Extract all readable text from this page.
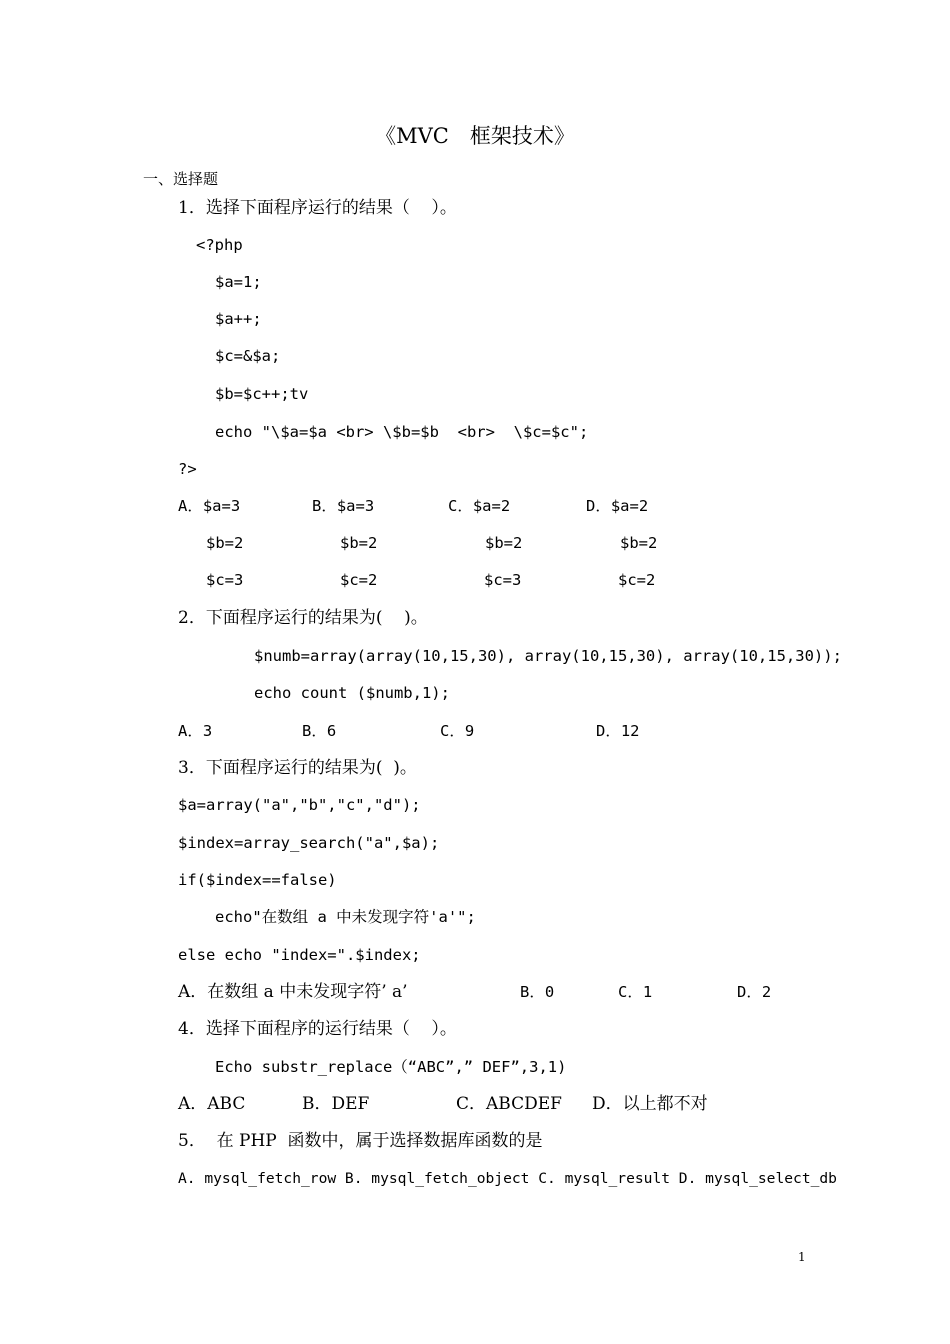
《MVC　框架技术》
一、选择题
1．选择下面程序运行的结果（    ）。
<?php
$a=1;
$a++;
$c=&$a;
$b=$c++;tv
echo "\$a=$a <br> \$b=$b  <br>  \$c=$c";
?>
A．$a=3	B．$a=3	C．$a=2	D．$a=2
$b=2	$b=2	$b=2	$b=2
$c=3	$c=2	$c=3	$c=2
2．下面程序运行的结果为(    )。
$numb=array(array(10,15,30), array(10,15,30), array(10,15,30));
echo count ($numb,1);
A．3	B．6	C．9	D．12
3．下面程序运行的结果为(  )。
$a=array("a","b","c","d");
$index=array_search("a",$a);
if($index==false)
echo"在数组 a 中未发现字符'a'";
else echo "index=".$index;
A．在数组 a 中未发现字符’ a’	B．0	C．1	D．2
4．选择下面程序的运行结果（    ）。
Echo substr_replace（“ABC”,” DEF”,3,1)
A．ABC	B．DEF	C．ABCDEF D．以上都不对
5．  在 PHP  函数中，属于选择数据库函数的是
A. mysql_fetch_row B. mysql_fetch_object C. mysql_result D. mysql_select_db
1
